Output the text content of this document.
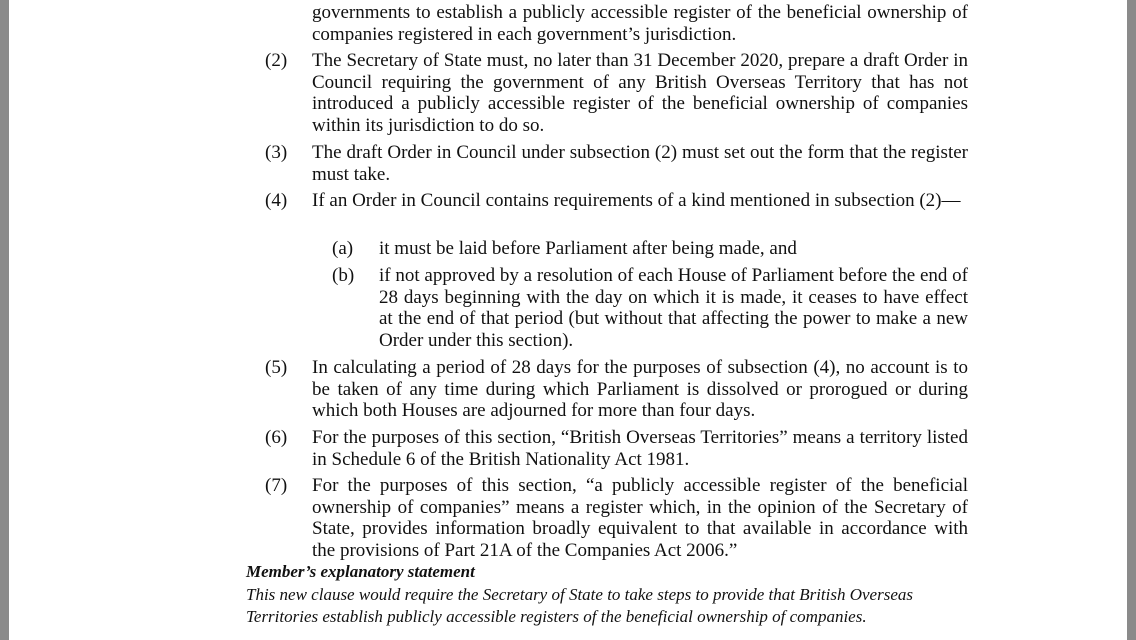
governments to establish a publicly accessible register of the beneficial ownership of companies registered in each government’s jurisdiction.
(2) The Secretary of State must, no later than 31 December 2020, prepare a draft Order in Council requiring the government of any British Overseas Territory that has not introduced a publicly accessible register of the beneficial ownership of companies within its jurisdiction to do so.
(3) The draft Order in Council under subsection (2) must set out the form that the register must take.
(4) If an Order in Council contains requirements of a kind mentioned in subsection (2)—
(a) it must be laid before Parliament after being made, and
(b) if not approved by a resolution of each House of Parliament before the end of 28 days beginning with the day on which it is made, it ceases to have effect at the end of that period (but without that affecting the power to make a new Order under this section).
(5) In calculating a period of 28 days for the purposes of subsection (4), no account is to be taken of any time during which Parliament is dissolved or prorogued or during which both Houses are adjourned for more than four days.
(6) For the purposes of this section, “British Overseas Territories” means a territory listed in Schedule 6 of the British Nationality Act 1981.
(7) For the purposes of this section, “a publicly accessible register of the beneficial ownership of companies” means a register which, in the opinion of the Secretary of State, provides information broadly equivalent to that available in accordance with the provisions of Part 21A of the Companies Act 2006.”
Member’s explanatory statement
This new clause would require the Secretary of State to take steps to provide that British Overseas Territories establish publicly accessible registers of the beneficial ownership of companies.
